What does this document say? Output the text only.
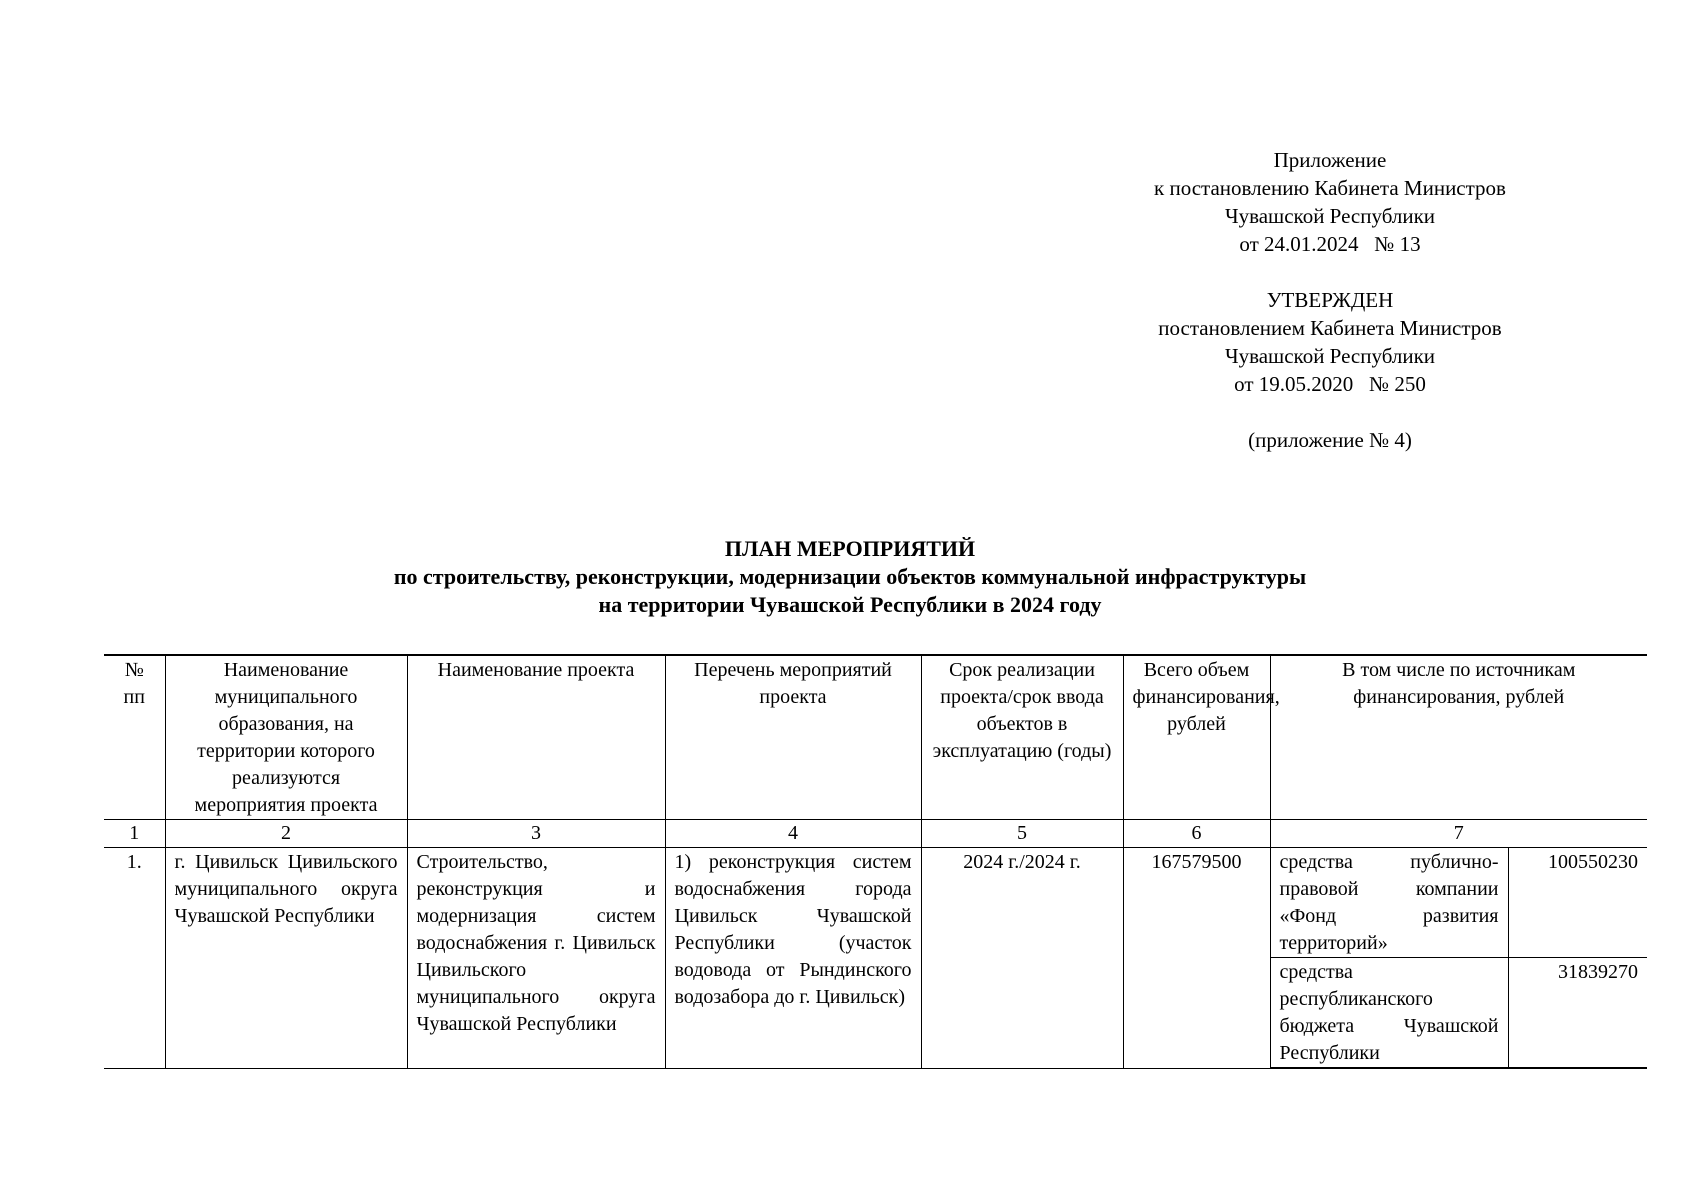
Приложение
к постановлению Кабинета Министров
Чувашской Республики
от 24.01.2024   № 13
УТВЕРЖДЕН
постановлением Кабинета Министров
Чувашской Республики
от 19.05.2020   № 250
(приложение № 4)
ПЛАН МЕРОПРИЯТИЙ
по строительству, реконструкции, модернизации объектов коммунальной инфраструктуры
на территории Чувашской Республики в 2024 году
№ пп	Наименование муниципального образования, на территории которого реализуются мероприятия проекта	Наименование проекта	Перечень мероприятий проекта	Срок реализации проекта/срок ввода объектов в эксплуатацию (годы)	Всего объем финансирования, рублей	В том числе по источникам финансирования, рублей	
1	2	3	4	5	6	7	
1.	г. Цивильск Цивильского муниципального округа Чувашской Республики	Строительство, реконструкция и модернизация систем водоснабжения г. Цивильск Цивильского муниципального округа Чувашской Республики	1) реконструкция систем водоснабжения города Цивильск Чувашской Республики (участок водовода от Рындинского водозабора до г. Цивильск)	2024 г./2024 г.	167579500	средства публично-правовой компании «Фонд развития территорий»	100550230
						средства республиканского бюджета Чувашской Республики	31839270
